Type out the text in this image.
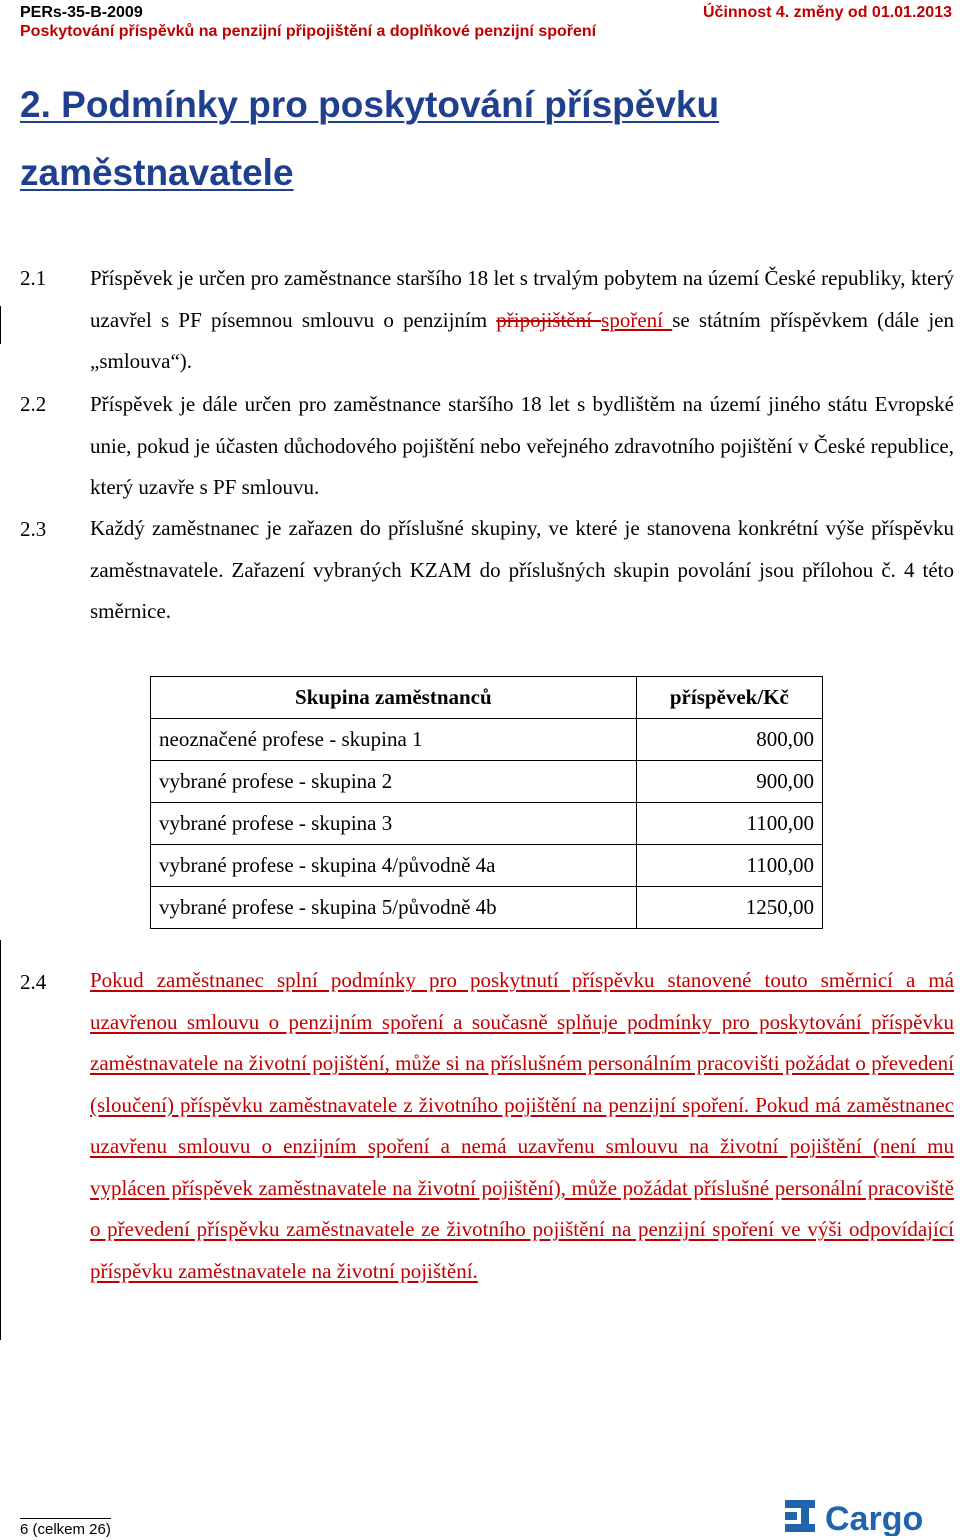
PERs-35-B-2009	Účinnost 4. změny od 01.01.2013
Poskytování příspěvků na penzijní připojištění a doplňkové penzijní spoření
2. Podmínky pro poskytování příspěvku
zaměstnavatele
2.1 Příspěvek je určen pro zaměstnance staršího 18 let s trvalým pobytem na území České republiky, který uzavřel s PF písemnou smlouvu o penzijním připojištění spoření se státním příspěvkem (dále jen „smlouva“).
2.2 Příspěvek je dále určen pro zaměstnance staršího 18 let s bydlištěm na území jiného státu Evropské unie, pokud je účasten důchodového pojištění nebo veřejného zdravotního pojištění v České republice, který uzavře s PF smlouvu.
2.3 Každý zaměstnanec je zařazen do příslušné skupiny, ve které je stanovena konkrétní výše příspěvku zaměstnavatele. Zařazení vybraných KZAM do příslušných skupin povolání jsou přílohou č. 4 této směrnice.
Skupina zaměstnanců	příspěvek/Kč
neoznačené profese - skupina 1	800,00
vybrané profese - skupina 2	900,00
vybrané profese - skupina 3	1100,00
vybrané profese - skupina 4/původně 4a	1100,00
vybrané profese - skupina 5/původně 4b	1250,00
2.4 Pokud zaměstnanec splní podmínky pro poskytnutí příspěvku stanovené touto směrnicí a má uzavřenou smlouvu o penzijním spoření a současně splňuje podmínky pro poskytování příspěvku zaměstnavatele na životní pojištění, může si na příslušném personálním pracovišti požádat o převedení (sloučení) příspěvku zaměstnavatele z životního pojištění na penzijní spoření. Pokud má zaměstnanec uzavřenu smlouvu o enzijním spoření a nemá uzavřenu smlouvu na životní pojištění (není mu vyplácen příspěvek zaměstnavatele na životní pojištění), může požádat příslušné personální pracoviště o převedení příspěvku zaměstnavatele ze životního pojištění na penzijní spoření ve výši odpovídající příspěvku zaměstnavatele na životní pojištění.
6 (celkem 26)	Cargo
